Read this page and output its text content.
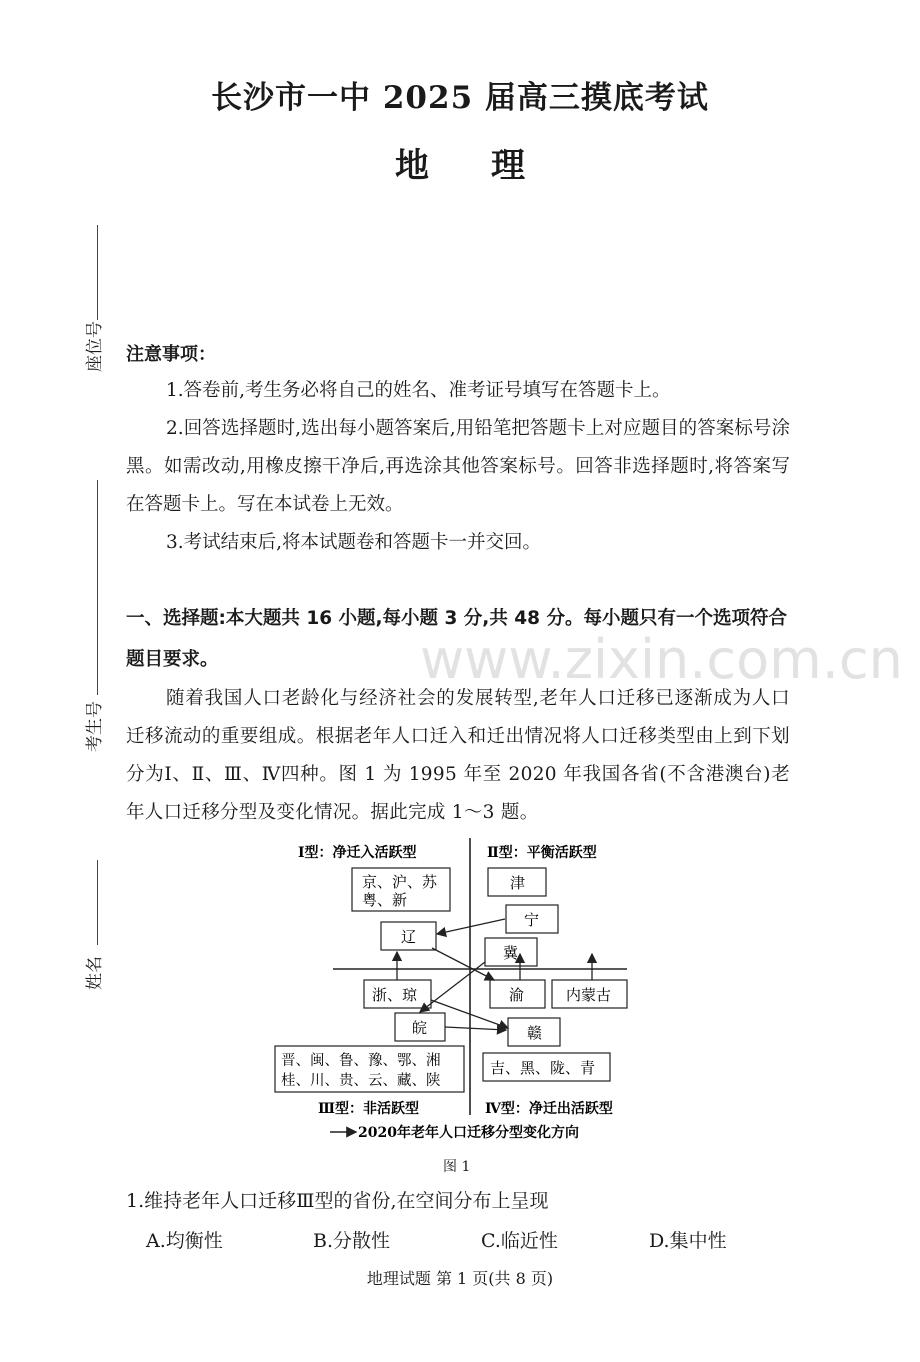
长沙市一中 2025 届高三摸底考试
地理
座位号
考生号
姓名
注意事项：
1.答卷前,考生务必将自己的姓名、准考证号填写在答题卡上。
2.回答选择题时,选出每小题答案后,用铅笔把答题卡上对应题目的答案标号涂黑。如需改动,用橡皮擦干净后,再选涂其他答案标号。回答非选择题时,将答案写在答题卡上。写在本试卷上无效。
3.考试结束后,将本试题卷和答题卡一并交回。
一、选择题:本大题共 16 小题,每小题 3 分,共 48 分。每小题只有一个选项符合题目要求。	www.zixin.com.cn
随着我国人口老龄化与经济社会的发展转型,老年人口迁移已逐渐成为人口迁移流动的重要组成。根据老年人口迁入和迁出情况将人口迁移类型由上到下划分为Ⅰ、Ⅱ、Ⅲ、Ⅳ四种。图 1 为 1995 年至 2020 年我国各省(不含港澳台)老年人口迁移分型及变化情况。据此完成 1～3 题。
Ⅰ型：净迁入活跃型	Ⅱ型：平衡活跃型
Ⅲ型：非活跃型	Ⅳ型：净迁出活跃型
京、沪、苏
粤、新
津
宁
辽
冀
浙、琼	渝	内蒙古
皖	赣
晋、闽、鲁、豫、鄂、湘
桂、川、贵、云、藏、陕
吉、黑、陇、青
2020年老年人口迁移分型变化方向
图 1
1.维持老年人口迁移Ⅲ型的省份,在空间分布上呈现
A.均衡性	B.分散性	C.临近性	D.集中性
地理试题 第 1 页(共 8 页)
